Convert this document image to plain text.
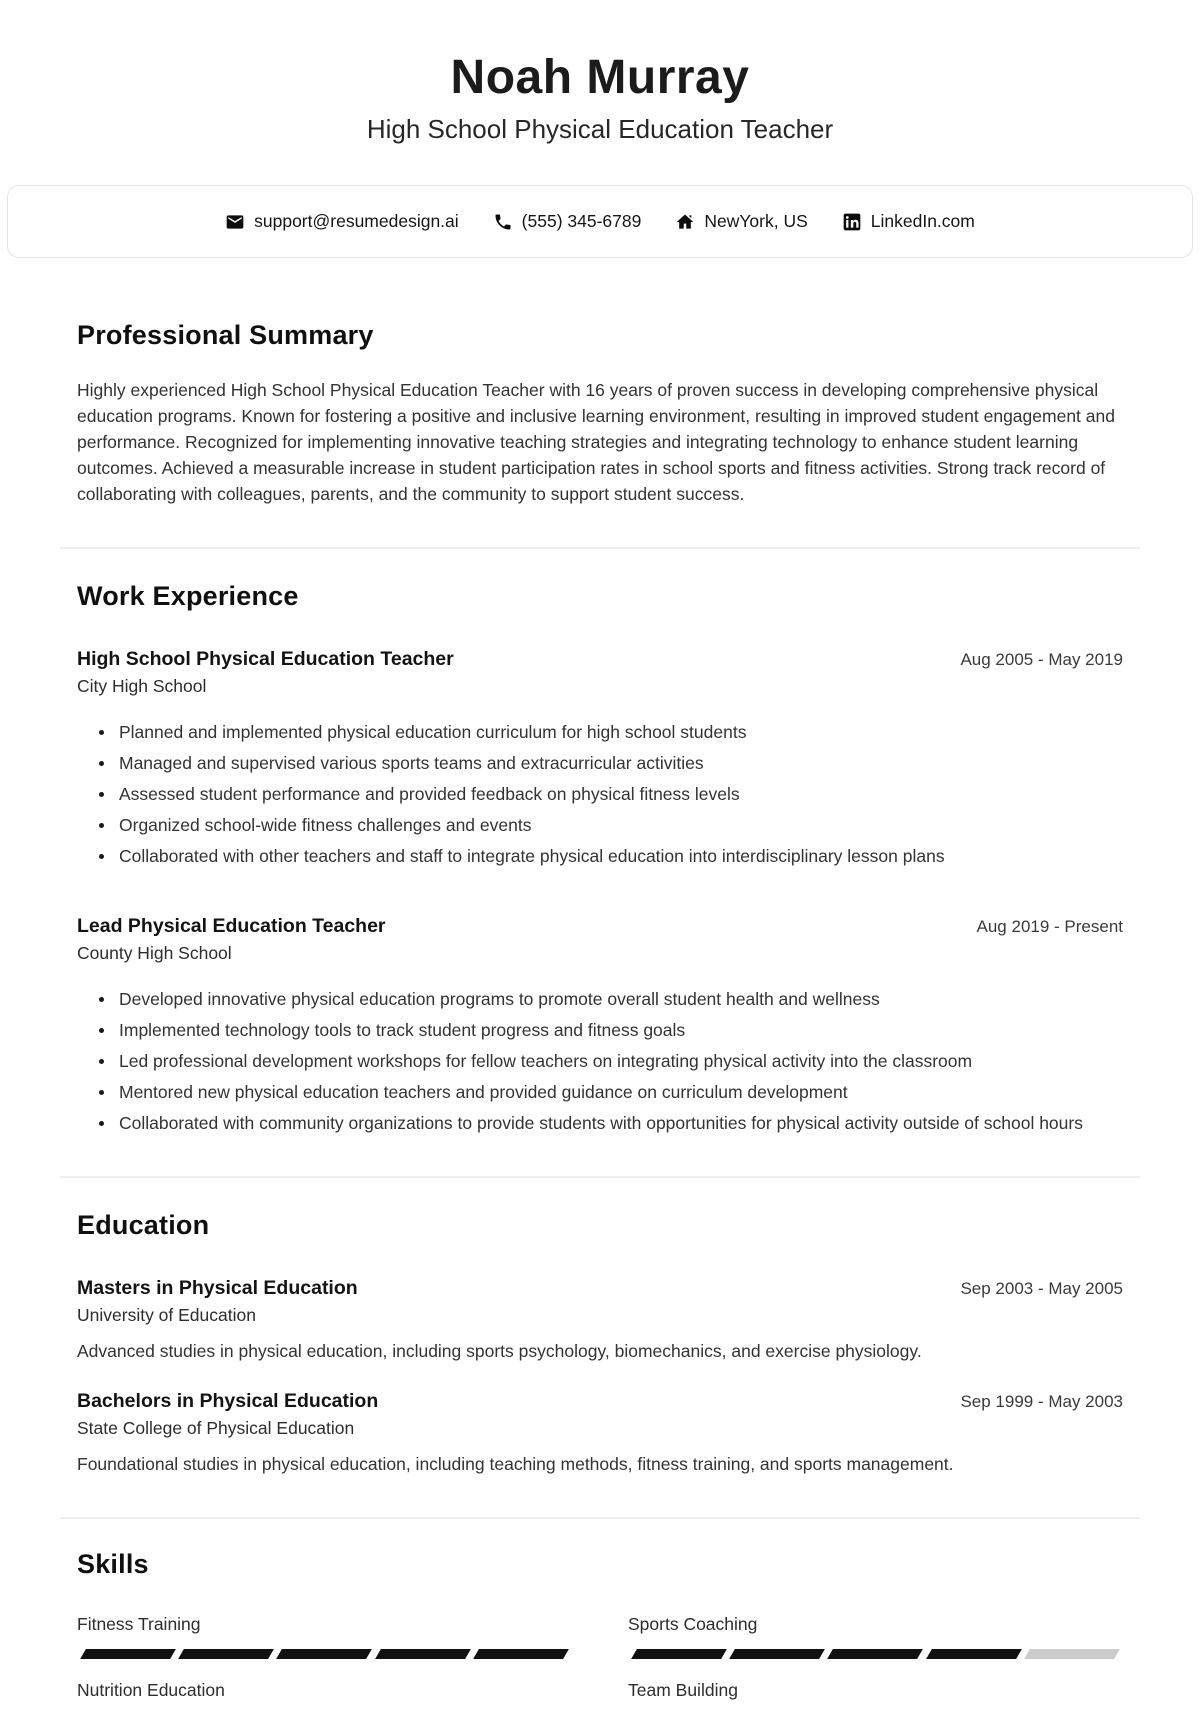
Noah Murray
High School Physical Education Teacher
support@resumedesign.ai	(555) 345-6789	NewYork, US	LinkedIn.com
Professional Summary

Highly experienced High School Physical Education Teacher with 16 years of proven success in developing comprehensive physical education programs. Known for fostering a positive and inclusive learning environment, resulting in improved student engagement and performance. Recognized for implementing innovative teaching strategies and integrating technology to enhance student learning outcomes. Achieved a measurable increase in student participation rates in school sports and fitness activities. Strong track record of collaborating with colleagues, parents, and the community to support student success.

Work Experience
High School Physical Education Teacher	Aug 2005 - May 2019
City High School
Planned and implemented physical education curriculum for high school students
Managed and supervised various sports teams and extracurricular activities
Assessed student performance and provided feedback on physical fitness levels
Organized school-wide fitness challenges and events
Collaborated with other teachers and staff to integrate physical education into interdisciplinary lesson plans
Lead Physical Education Teacher	Aug 2019 - Present
County High School
Developed innovative physical education programs to promote overall student health and wellness
Implemented technology tools to track student progress and fitness goals
Led professional development workshops for fellow teachers on integrating physical activity into the classroom
Mentored new physical education teachers and provided guidance on curriculum development
Collaborated with community organizations to provide students with opportunities for physical activity outside of school hours
Education
Masters in Physical Education	Sep 2003 - May 2005
University of Education

Advanced studies in physical education, including sports psychology, biomechanics, and exercise physiology.

Bachelors in Physical Education	Sep 1999 - May 2003
State College of Physical Education

Foundational studies in physical education, including teaching methods, fitness training, and sports management.

Skills
Fitness Training	Sports Coaching
Nutrition Education	Team Building
